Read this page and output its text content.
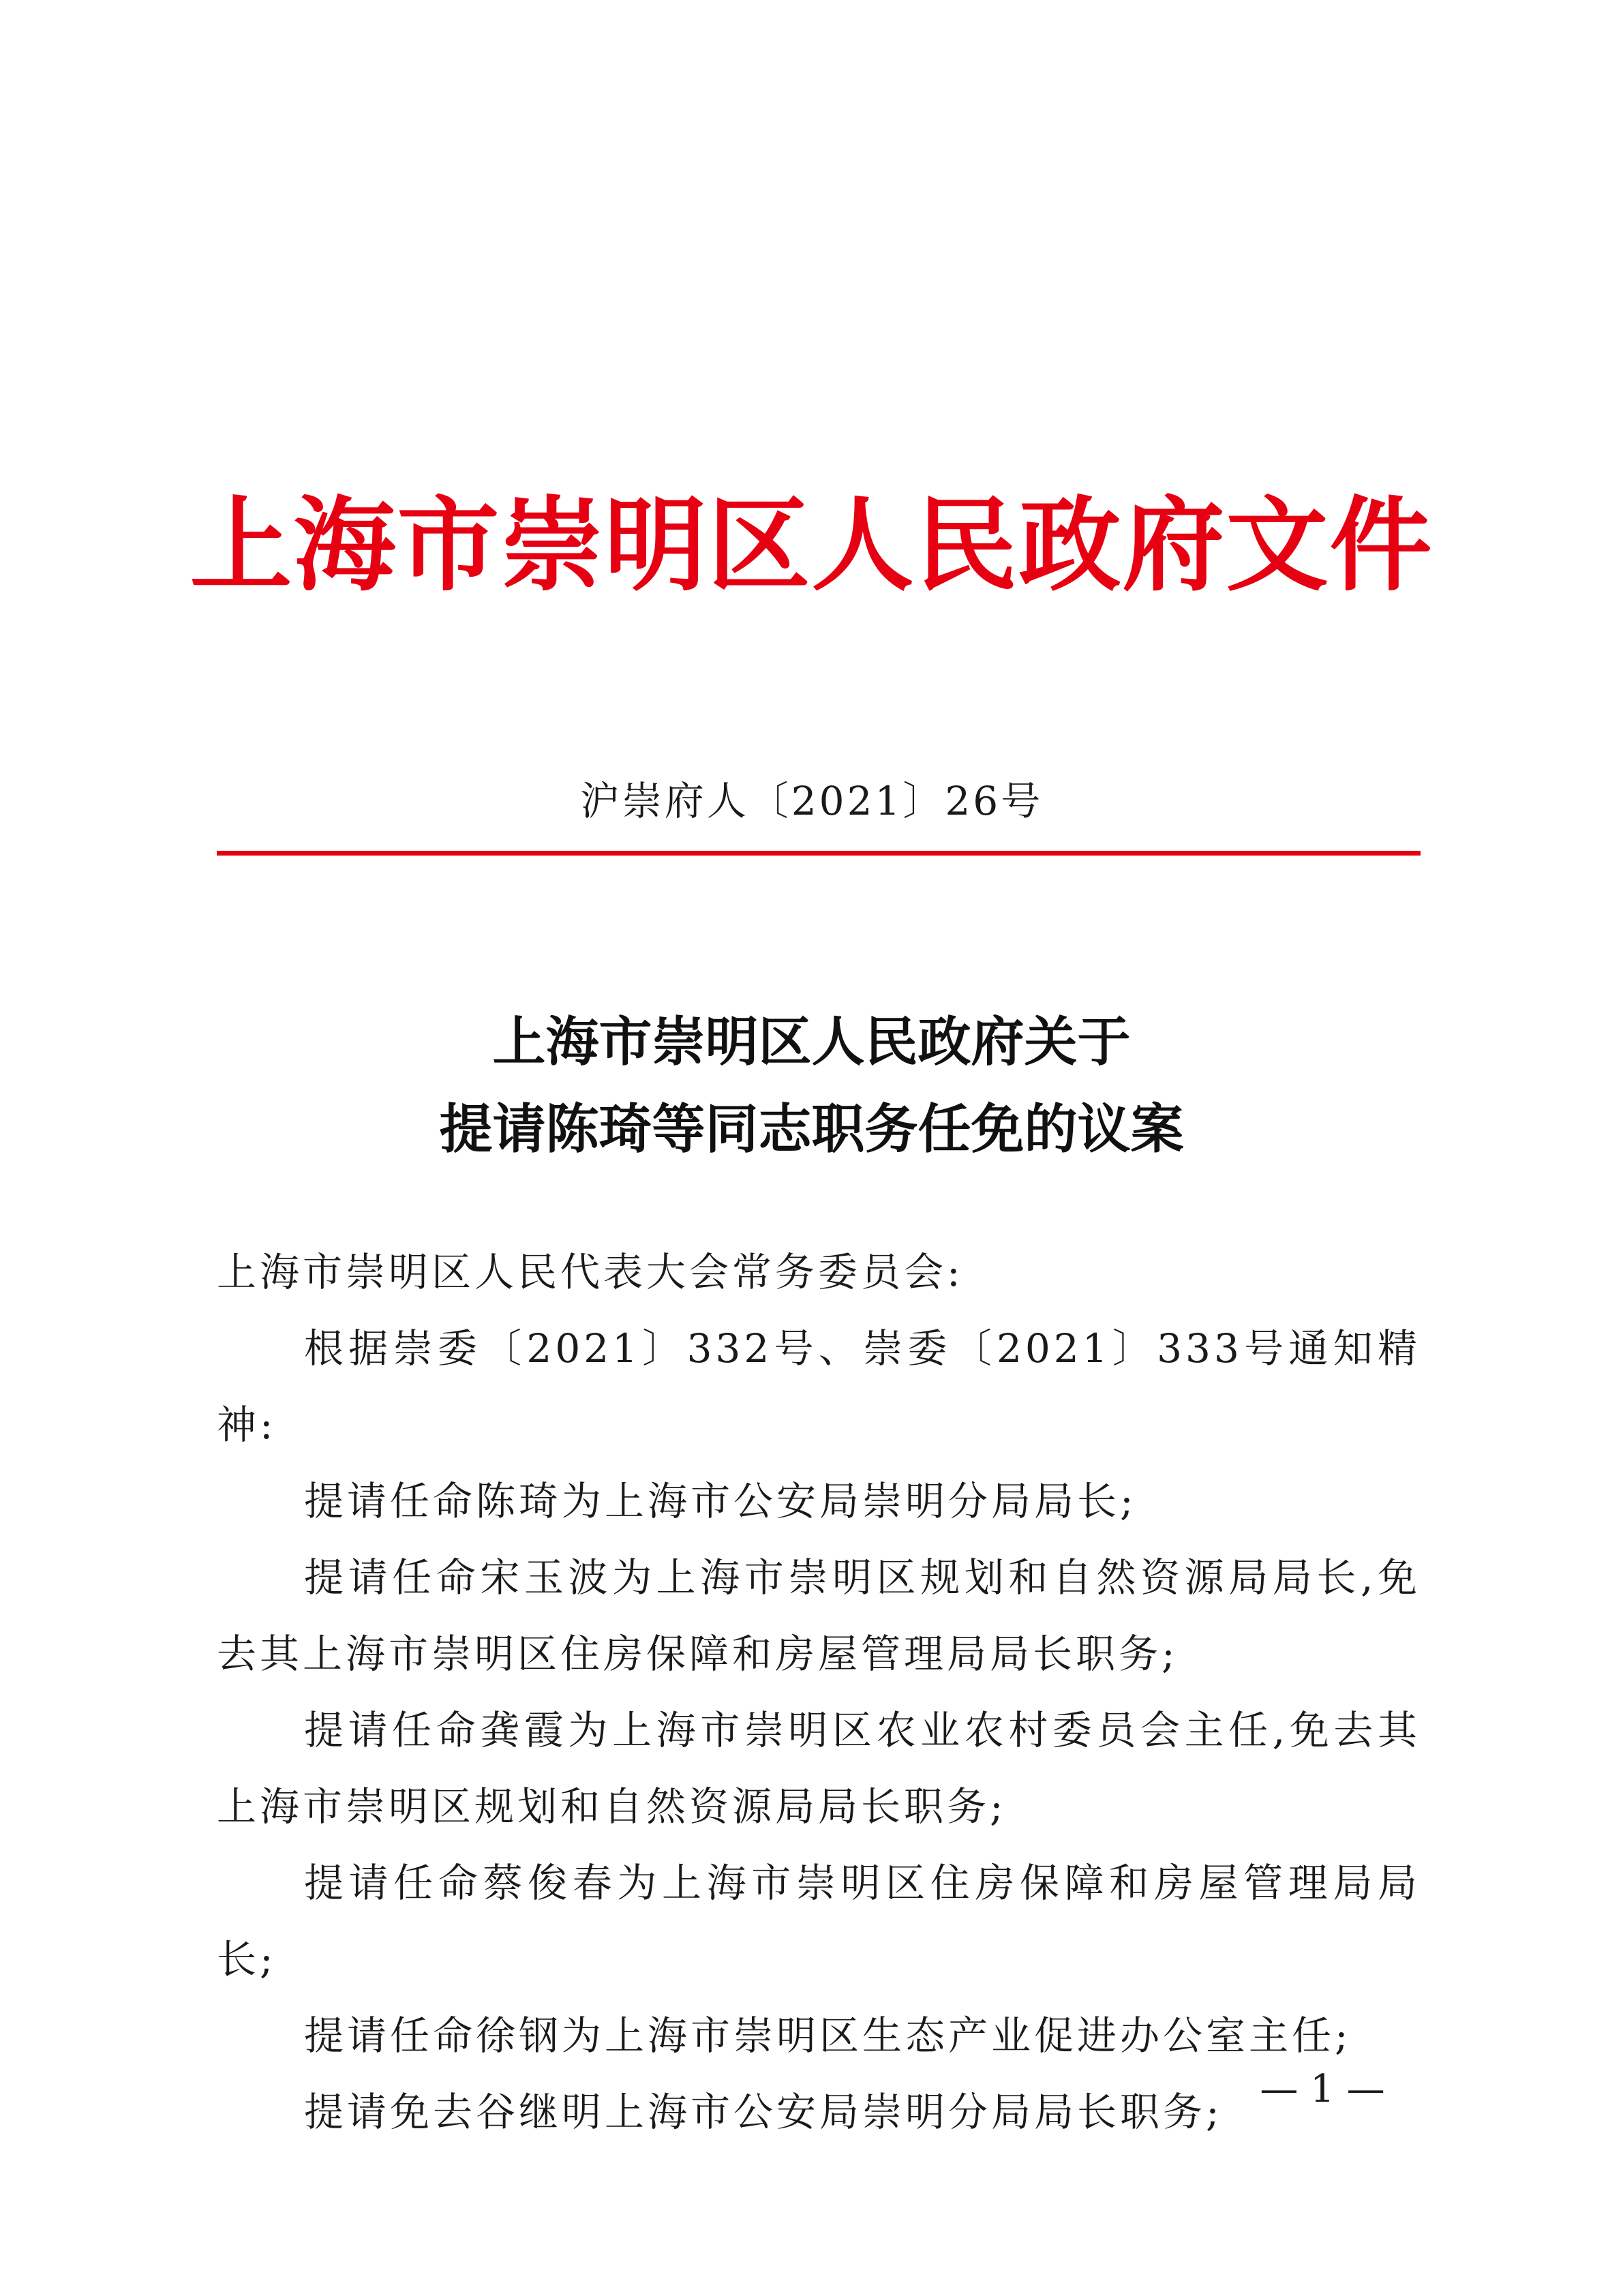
上海市崇明区人民政府文件
沪崇府人〔2021〕26号
上海市崇明区人民政府关于
提请陈琦等同志职务任免的议案

上海市崇明区人民代表大会常务委员会:

根据崇委〔2021〕332号、崇委〔2021〕333号通知精神:

提请任命陈琦为上海市公安局崇明分局局长;

提请任命宋玉波为上海市崇明区规划和自然资源局局长,免去其上海市崇明区住房保障和房屋管理局局长职务;

提请任命龚霞为上海市崇明区农业农村委员会主任,免去其上海市崇明区规划和自然资源局局长职务;

提请任命蔡俊春为上海市崇明区住房保障和房屋管理局局长;

提请任命徐钢为上海市崇明区生态产业促进办公室主任;

提请免去谷继明上海市公安局崇明分局局长职务; — 1 —
